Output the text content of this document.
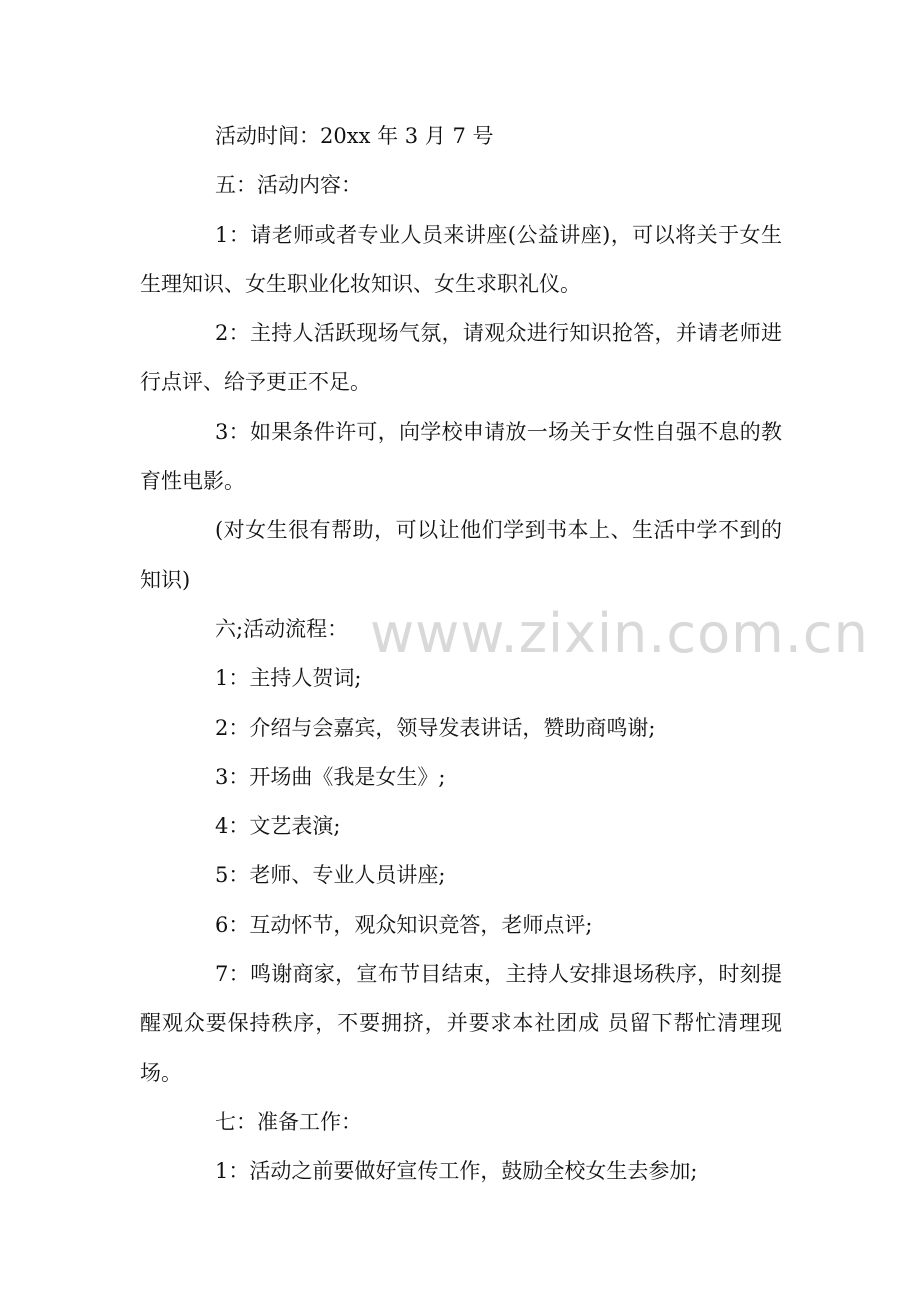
活动时间：20xx 年 3 月 7 号

五：活动内容：

1：请老师或者专业人员来讲座(公益讲座)，可以将关于女生生理知识、女生职业化妆知识、女生求职礼仪。

2：主持人活跃现场气氛，请观众进行知识抢答，并请老师进行点评、给予更正不足。

3：如果条件许可，向学校申请放一场关于女性自强不息的教育性电影。

(对女生很有帮助，可以让他们学到书本上、生活中学不到的知识)

六;活动流程：

1：主持人贺词;

2：介绍与会嘉宾，领导发表讲话，赞助商鸣谢;

3：开场曲《我是女生》;

4：文艺表演;

5：老师、专业人员讲座;

6：互动怀节，观众知识竞答，老师点评;

7：鸣谢商家，宣布节目结束，主持人安排退场秩序，时刻提醒观众要保持秩序，不要拥挤，并要求本社团成 员留下帮忙清理现场。

七：准备工作：

1：活动之前要做好宣传工作，鼓励全校女生去参加;

www.zixin.com.cn
